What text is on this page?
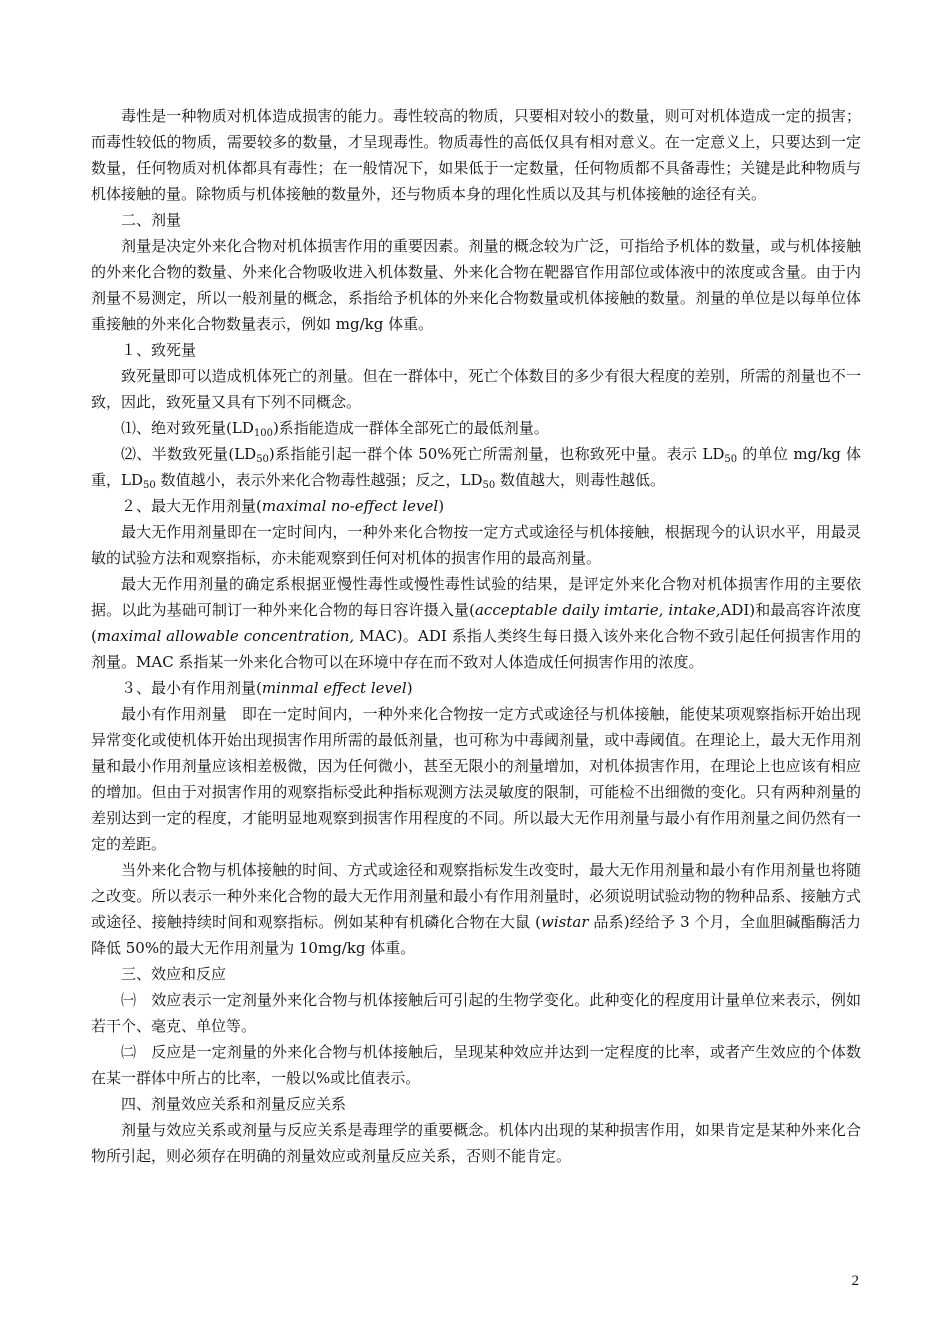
毒性是一种物质对机体造成损害的能力。毒性较高的物质，只要相对较小的数量，则可对机体造成一定的损害；而毒性较低的物质，需要较多的数量，才呈现毒性。物质毒性的高低仅具有相对意义。在一定意义上，只要达到一定数量，任何物质对机体都具有毒性；在一般情况下，如果低于一定数量，任何物质都不具备毒性；关键是此种物质与机体接触的量。除物质与机体接触的数量外，还与物质本身的理化性质以及其与机体接触的途径有关。

二、剂量

剂量是决定外来化合物对机体损害作用的重要因素。剂量的概念较为广泛，可指给予机体的数量，或与机体接触的外来化合物的数量、外来化合物吸收进入机体数量、外来化合物在靶器官作用部位或体液中的浓度或含量。由于内剂量不易测定，所以一般剂量的概念，系指给予机体的外来化合物数量或机体接触的数量。剂量的单位是以每单位体重接触的外来化合物数量表示，例如 mg/kg 体重。

１、致死量

致死量即可以造成机体死亡的剂量。但在一群体中，死亡个体数目的多少有很大程度的差别，所需的剂量也不一致，因此，致死量又具有下列不同概念。

⑴、绝对致死量$(LD_{100})$系指能造成一群体全部死亡的最低剂量。

⑵、半数致死量$(LD_{50})$系指能引起一群个体 50%死亡所需剂量，也称致死中量。表示 $LD_{50}$ 的单位 mg/kg 体重，$LD_{50}$ 数值越小，表示外来化合物毒性越强；反之，$LD_{50}$ 数值越大，则毒性越低。

２、最大无作用剂量(maximal no-effect level)

最大无作用剂量即在一定时间内，一种外来化合物按一定方式或途径与机体接触，根据现今的认识水平，用最灵敏的试验方法和观察指标，亦未能观察到任何对机体的损害作用的最高剂量。

最大无作用剂量的确定系根据亚慢性毒性或慢性毒性试验的结果，是评定外来化合物对机体损害作用的主要依据。以此为基础可制订一种外来化合物的每日容许摄入量(acceptable daily imtarie, intake,ADI)和最高容许浓度(maximal allowable concentration, MAC)。ADI 系指人类终生每日摄入该外来化合物不致引起任何损害作用的剂量。MAC 系指某一外来化合物可以在环境中存在而不致对人体造成任何损害作用的浓度。

３、最小有作用剂量(minmal effect level)

最小有作用剂量　即在一定时间内，一种外来化合物按一定方式或途径与机体接触，能使某项观察指标开始出现异常变化或使机体开始出现损害作用所需的最低剂量，也可称为中毒阈剂量，或中毒阈值。在理论上，最大无作用剂量和最小作用剂量应该相差极微，因为任何微小，甚至无限小的剂量增加，对机体损害作用，在理论上也应该有相应的增加。但由于对损害作用的观察指标受此种指标观测方法灵敏度的限制，可能检不出细微的变化。只有两种剂量的差别达到一定的程度，才能明显地观察到损害作用程度的不同。所以最大无作用剂量与最小有作用剂量之间仍然有一定的差距。

当外来化合物与机体接触的时间、方式或途径和观察指标发生改变时，最大无作用剂量和最小有作用剂量也将随之改变。所以表示一种外来化合物的最大无作用剂量和最小有作用剂量时，必须说明试验动物的物种品系、接触方式或途径、接触持续时间和观察指标。例如某种有机磷化合物在大鼠 (wistar 品系)经给予 3 个月，全血胆碱酯酶活力降低 50%的最大无作用剂量为 10mg/kg 体重。

三、效应和反应

㈠　效应表示一定剂量外来化合物与机体接触后可引起的生物学变化。此种变化的程度用计量单位来表示，例如若干个、毫克、单位等。

㈡　反应是一定剂量的外来化合物与机体接触后，呈现某种效应并达到一定程度的比率，或者产生效应的个体数在某一群体中所占的比率，一般以%或比值表示。

四、剂量效应关系和剂量反应关系

剂量与效应关系或剂量与反应关系是毒理学的重要概念。机体内出现的某种损害作用，如果肯定是某种外来化合物所引起，则必须存在明确的剂量效应或剂量反应关系，否则不能肯定。

2
